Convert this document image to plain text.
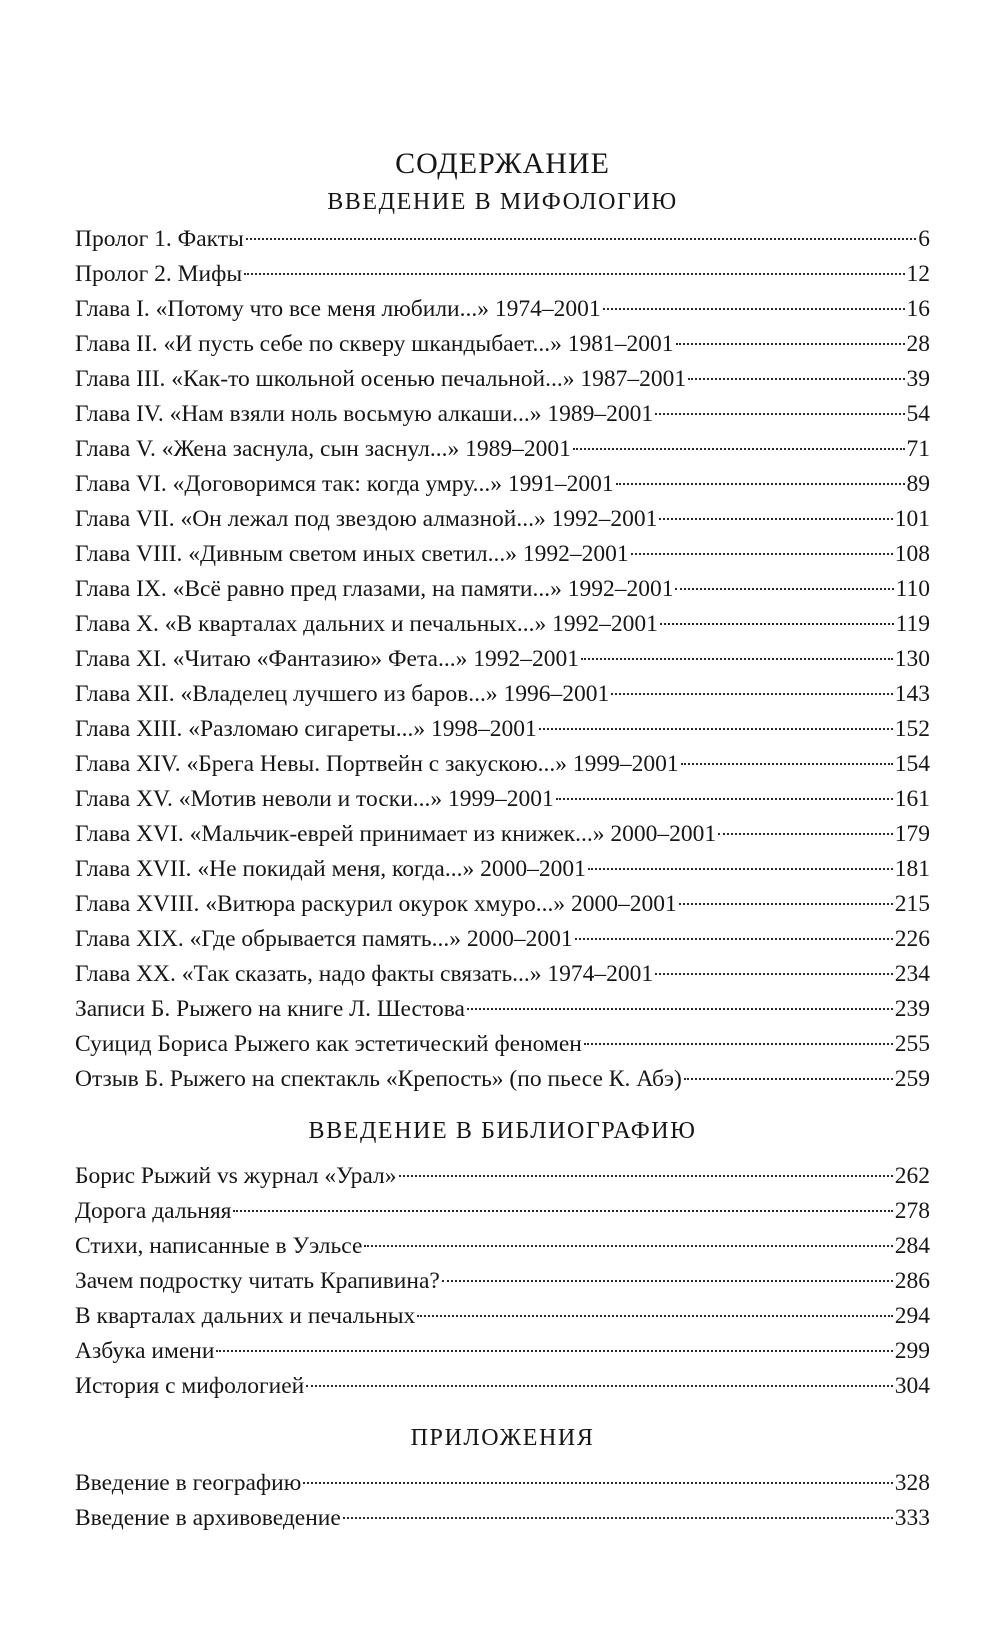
СОДЕРЖАНИЕ
ВВЕДЕНИЕ В МИФОЛОГИЮ
Пролог 1. Факты	6
Пролог 2. Мифы	12
Глава I. «Потому что все меня любили...» 1974–2001	16
Глава II. «И пусть себе по скверу шкандыбает...» 1981–2001	28
Глава III. «Как-то школьной осенью печальной...» 1987–2001	39
Глава IV. «Нам взяли ноль восьмую алкаши...» 1989–2001	54
Глава V. «Жена заснула, сын заснул...» 1989–2001	71
Глава VI. «Договоримся так: когда умру...» 1991–2001	89
Глава VII. «Он лежал под звездою алмазной...» 1992–2001	101
Глава VIII. «Дивным светом иных светил...» 1992–2001	108
Глава IX. «Всё равно пред глазами, на памяти...» 1992–2001	110
Глава X. «В кварталах дальних и печальных...» 1992–2001	119
Глава XI. «Читаю «Фантазию» Фета...» 1992–2001	130
Глава XII. «Владелец лучшего из баров...» 1996–2001	143
Глава XIII. «Разломаю сигареты...» 1998–2001	152
Глава XIV. «Брега Невы. Портвейн с закускою...» 1999–2001	154
Глава XV. «Мотив неволи и тоски...» 1999–2001	161
Глава XVI. «Мальчик-еврей принимает из книжек...» 2000–2001	179
Глава XVII. «Не покидай меня, когда...» 2000–2001	181
Глава XVIII. «Витюра раскурил окурок хмуро...» 2000–2001	215
Глава XIX. «Где обрывается память...» 2000–2001	226
Глава XX. «Так сказать, надо факты связать...» 1974–2001	234
Записи Б. Рыжего на книге Л. Шестова	239
Суицид Бориса Рыжего как эстетический феномен	255
Отзыв Б. Рыжего на спектакль «Крепость» (по пьесе К. Абэ)	259
ВВЕДЕНИЕ В БИБЛИОГРАФИЮ
Борис Рыжий vs журнал «Урал»	262
Дорога дальняя	278
Стихи, написанные в Уэльсе	284
Зачем подростку читать Крапивина?	286
В кварталах дальних и печальных	294
Азбука имени	299
История с мифологией	304
ПРИЛОЖЕНИЯ
Введение в географию	328
Введение в архивоведение	333
